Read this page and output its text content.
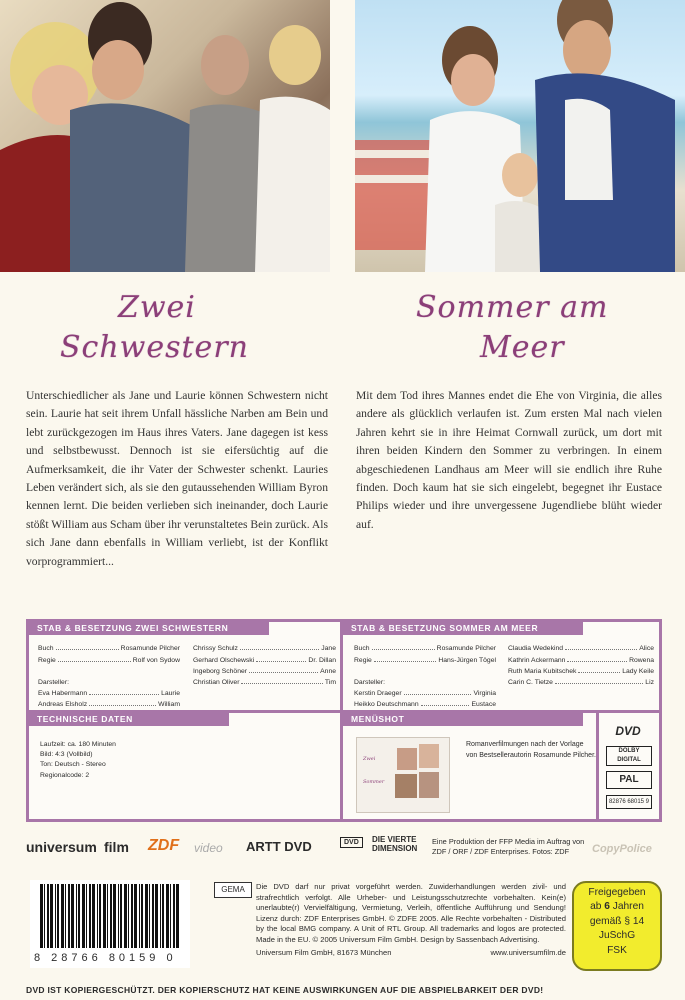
Zwei
Schwestern
Sommer am
Meer
Unterschiedlicher als Jane und Laurie können Schwestern nicht sein. Laurie hat seit ihrem Unfall hässliche Narben am Bein und lebt zurückgezogen im Haus ihres Vaters. Jane dagegen ist kess und selbstbewusst. Dennoch ist sie eifersüchtig auf die Aufmerksamkeit, die ihr Vater der Schwester schenkt. Lauries Leben verändert sich, als sie den gutaussehenden William Byron kennen lernt. Die beiden verlieben sich ineinander, doch Laurie stößt William aus Scham über ihr verunstaltetes Bein zurück. Als sich Jane dann ebenfalls in William verliebt, ist der Konflikt vorprogrammiert...
Mit dem Tod ihres Mannes endet die Ehe von Virginia, die alles andere als glücklich verlaufen ist. Zum ersten Mal nach vielen Jahren kehrt sie in ihre Heimat Cornwall zurück, um dort mit ihren beiden Kindern den Sommer zu verbringen. In einem abgeschiedenen Landhaus am Meer will sie endlich ihre Ruhe finden. Doch kaum hat sie sich eingelebt, begegnet ihr Eustace Philips wieder und ihre unvergessene Jugendliebe blüht wieder auf.
STAB & BESETZUNG ZWEI SCHWESTERN	STAB & BESETZUNG SOMMER AM MEER
Buch	Rosamunde Pilcher
Regie	Rolf von Sydow
Darsteller:
Eva Habermann	Laurie
Andreas Elsholz	William
Chrissy Schulz	Jane
Gerhard Olschewski	Dr. Dillan
Ingeborg Schöner	Anne
Christian Oliver	Tim
Buch	Rosamunde Pilcher
Regie	Hans-Jürgen Tögel
Darsteller:
Kerstin Draeger	Virginia
Heikko Deutschmann	Eustace
Claudia Wedekind	Alice
Kathrin Ackermann	Rowena
Ruth Maria Kubitschek	Lady Keile
Carin C. Tietze	Liz
TECHNISCHE DATEN
Laufzeit: ca. 180 Minuten
Bild: 4:3 (Vollbild)
Ton: Deutsch - Stereo
Regionalcode: 2
MENÜSHOT
Zwei
Sommer
Romanverfilmungen nach der Vorlage von Bestsellerautorin Rosamunde Pilcher.
DVD
DOLBY
DIGITAL
PAL
82876 68015 9
universum film ZDF video ARTT DVD	DVD	DIE VIERTE
DIMENSION
Eine Produktion der FFP Media im Auftrag von ZDF / ORF / ZDF Enterprises. Fotos: ZDF	CopyPolice
8 28766 80159 0
GEMA	Die DVD darf nur privat vorgeführt werden. Zuwiderhandlungen werden zivil- und strafrechtlich verfolgt. Alle Urheber- und Leistungsschutzrechte vorbehalten. Kein(e) unerlaubte(r) Vervielfältigung, Vermietung, Verleih, öffentliche Aufführung und Sendung! Lizenz durch: ZDF Enterprises GmbH. © ZDFE 2005. Alle Rechte vorbehalten - Distributed by the local BMG company. A Unit of RTL Group. All trademarks and logos are protected. Made in the EU. © 2005 Universum Film GmbH. Design by Sassenbach Advertising.
Universum Film GmbH, 81673 München	www.universumfilm.de
Freigegeben
ab 6 Jahren
gemäß § 14
JuSchG
FSK
DVD IST KOPIERGESCHÜTZT. DER KOPIERSCHUTZ HAT KEINE AUSWIRKUNGEN AUF DIE ABSPIELBARKEIT DER DVD!
